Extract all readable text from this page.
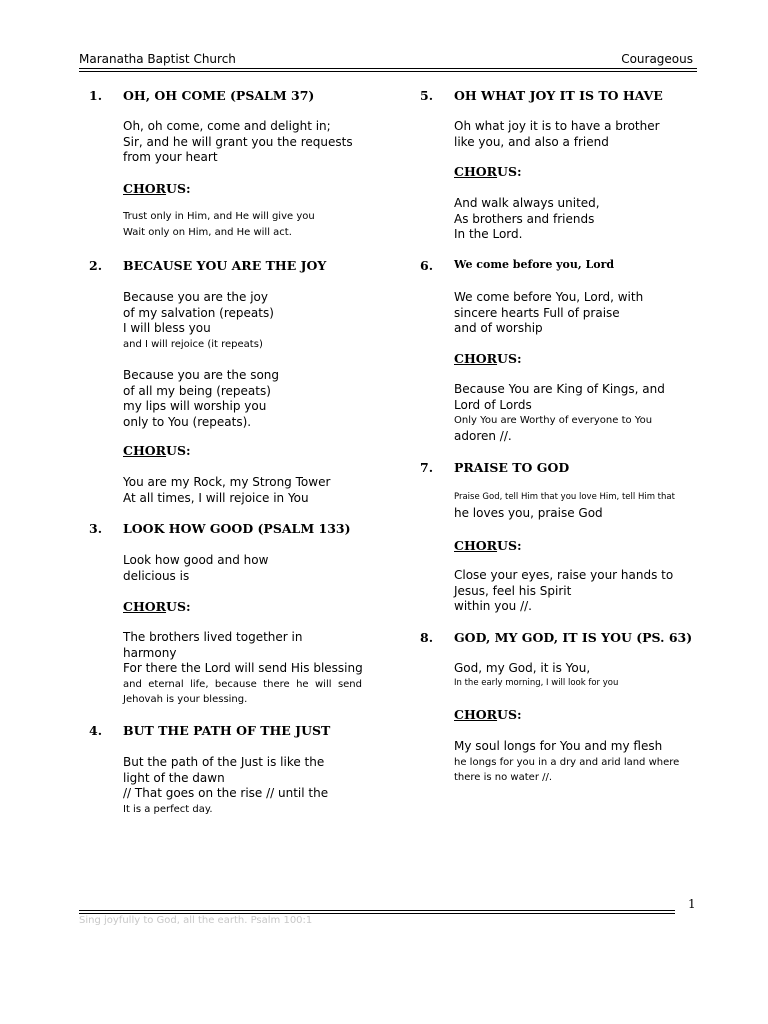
Maranatha Baptist Church	Courageous
1. OH, OH COME (PSALM 37)
Oh, oh come, come and delight in;
Sir, and he will grant you the requests
from your heart
CHORUS:
Trust only in Him, and He will give you
Wait only on Him, and He will act.
2. BECAUSE YOU ARE THE JOY
Because you are the joy
of my salvation (repeats)
I will bless you
and I will rejoice (it repeats)
Because you are the song
of all my being (repeats)
my lips will worship you
only to You (repeats).
CHORUS:
You are my Rock, my Strong Tower
At all times, I will rejoice in You
3. LOOK HOW GOOD (PSALM 133)
Look how good and how
delicious is
CHORUS:
The brothers lived together in
harmony
For there the Lord will send His blessing
and eternal life, because there he will send
Jehovah is your blessing.
4. BUT THE PATH OF THE JUST
But the path of the Just is like the
light of the dawn
// That goes on the rise // until the
It is a perfect day.
5. OH WHAT JOY IT IS TO HAVE
Oh what joy it is to have a brother
like you, and also a friend
CHORUS:
And walk always united,
As brothers and friends
In the Lord.
6. We come before you, Lord
We come before You, Lord, with
sincere hearts Full of praise
and of worship
CHORUS:
Because You are King of Kings, and
Lord of Lords
Only You are Worthy of everyone to You
adoren //.
7. PRAISE TO GOD
Praise God, tell Him that you love Him, tell Him that
he loves you, praise God
CHORUS:
Close your eyes, raise your hands to
Jesus, feel his Spirit
within you //.
8. GOD, MY GOD, IT IS YOU (PS. 63)
God, my God, it is You,
In the early morning, I will look for you
CHORUS:
My soul longs for You and my flesh
he longs for you in a dry and arid land where
there is no water //.
1
Sing joyfully to God, all the earth. Psalm 100:1
